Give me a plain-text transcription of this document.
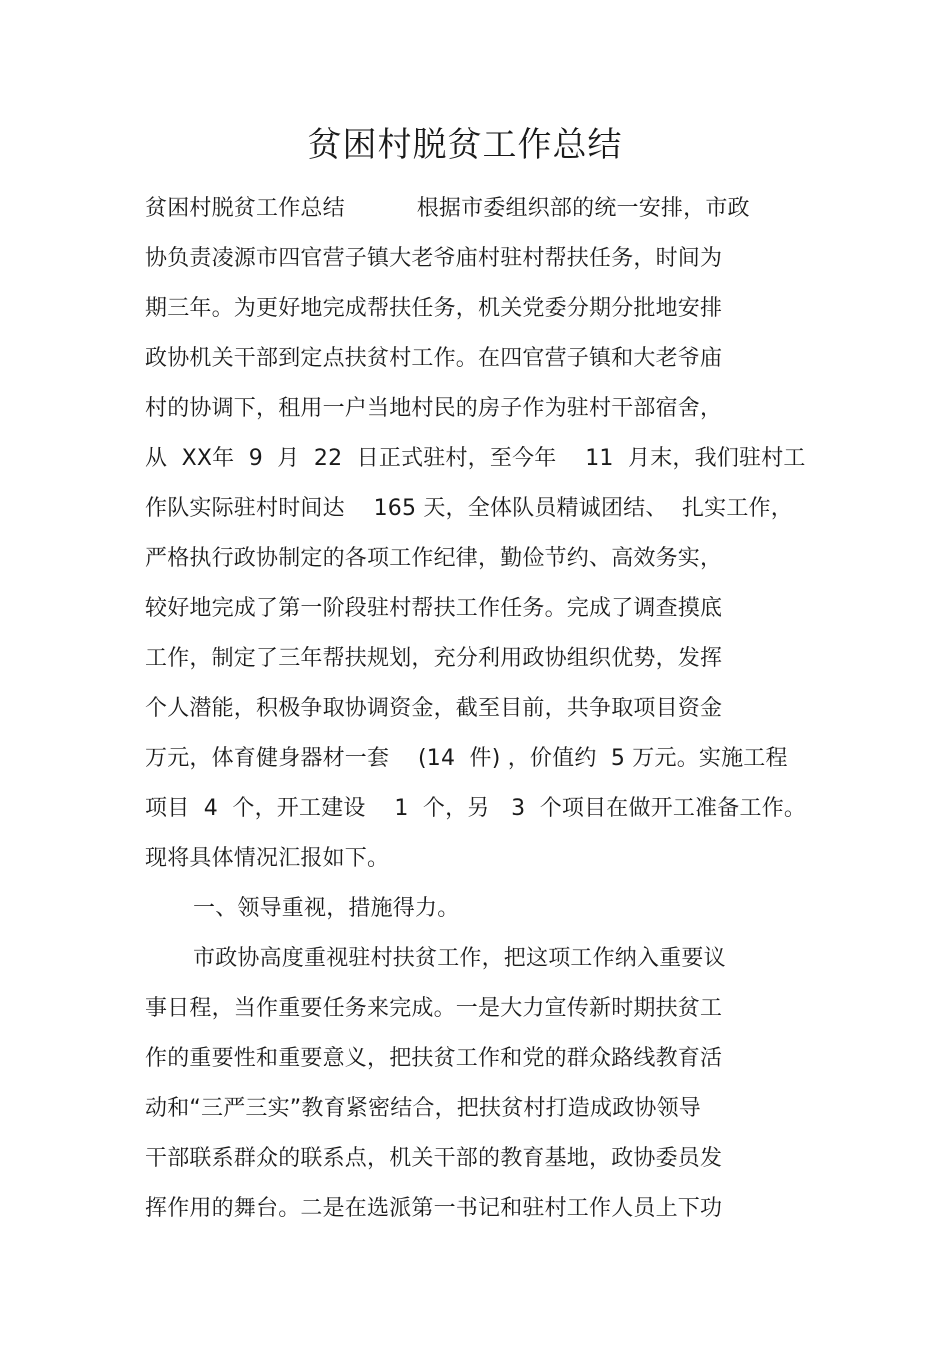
贫困村脱贫工作总结

贫困村脱贫工作总结          根据市委组织部的统一安排，市政

协负责凌源市四官营子镇大老爷庙村驻村帮扶任务，时间为

期三年。为更好地完成帮扶任务，机关党委分期分批地安排

政协机关干部到定点扶贫村工作。在四官营子镇和大老爷庙

村的协调下，租用一户当地村民的房子作为驻村干部宿舍，

从  XX年  9  月  22  日正式驻村，至今年    11  月末，我们驻村工

作队实际驻村时间达    165 天，全体队员精诚团结、  扎实工作，

严格执行政协制定的各项工作纪律，勤俭节约、高效务实，

较好地完成了第一阶段驻村帮扶工作任务。完成了调查摸底

工作，制定了三年帮扶规划，充分利用政协组织优势，发挥

个人潜能，积极争取协调资金，截至目前，共争取项目资金

万元，体育健身器材一套    (14  件) ，价值约  5 万元。实施工程

项目  4  个，开工建设    1  个，另   3  个项目在做开工准备工作。

现将具体情况汇报如下。

一、领导重视，措施得力。

市政协高度重视驻村扶贫工作，把这项工作纳入重要议

事日程，当作重要任务来完成。一是大力宣传新时期扶贫工

作的重要性和重要意义，把扶贫工作和党的群众路线教育活

动和“三严三实”教育紧密结合，把扶贫村打造成政协领导

干部联系群众的联系点，机关干部的教育基地，政协委员发

挥作用的舞台。二是在选派第一书记和驻村工作人员上下功
